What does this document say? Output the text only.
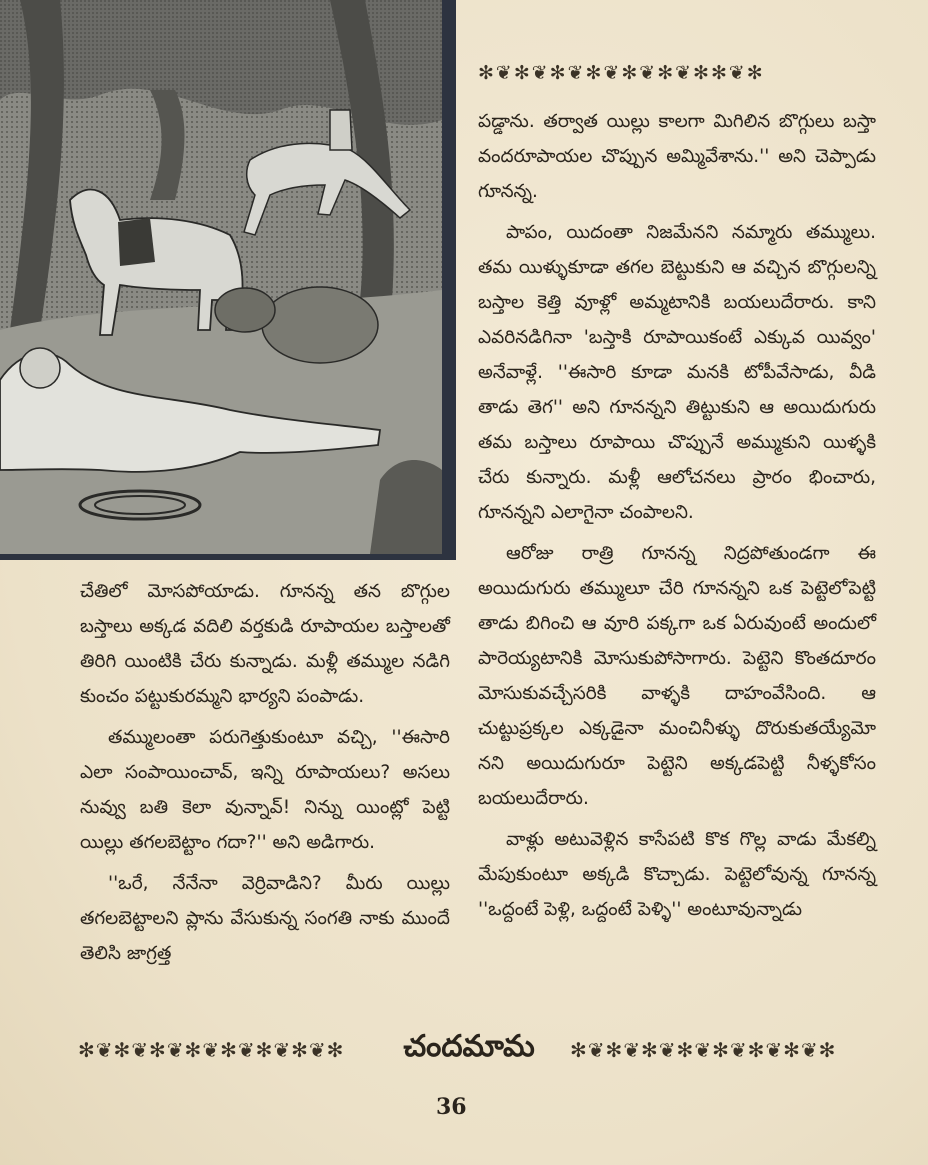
✻❦✻❦✻❦✻❦✻❦✻❦✻✻❦✻

పడ్డాను. తర్వాత యిల్లు కాలగా మిగిలిన బొగ్గులు బస్తా వందరూపాయల చొప్పున అమ్మివేశాను.'' అని చెప్పాడు గూనన్న.

పాపం, యిదంతా నిజమేనని నమ్మారు తమ్ములు. తమ యిళ్ళుకూడా తగల బెట్టుకుని ఆ వచ్చిన బొగ్గులన్ని బస్తాల కెత్తి వూళ్లో అమ్మటానికి బయలుదేరారు. కాని ఎవరినడిగినా 'బస్తాకి రూపాయికంటే ఎక్కువ యివ్వం' అనేవాళ్లే. ''ఈసారి కూడా మనకి టోపీవేసాడు, వీడి తాడు తెగ'' అని గూనన్నని తిట్టుకుని ఆ అయిదుగురు తమ బస్తాలు రూపాయి చొప్పునే అమ్ముకుని యిళ్ళకి చేరు కున్నారు. మళ్లీ ఆలోచనలు ప్రారం భించారు, గూనన్నని ఎలాగైనా చంపాలని.

ఆరోజు రాత్రి గూనన్న నిద్రపోతుండగా ఈ అయిదుగురు తమ్ములూ చేరి గూనన్నని ఒక పెట్టెలోపెట్టి తాడు బిగించి ఆ వూరి పక్కగా ఒక ఏరువుంటే అందులో పారెయ్యటానికి మోసుకుపోసాగారు. పెట్టెని కొంతదూరం మోసుకువచ్చేసరికి వాళ్ళకి దాహంవేసింది. ఆ చుట్టుప్రక్కల ఎక్కడైనా మంచినీళ్ళు దొరుకుతయ్యేమో నని అయిదుగురూ పెట్టెని అక్కడపెట్టి నీళ్ళకోసం బయలుదేరారు.

వాళ్లు అటువెళ్లిన కాసేపటి కొక గొల్ల వాడు మేకల్ని మేపుకుంటూ అక్కడి కొచ్చాడు. పెట్టెలోవున్న గూనన్న ''ఒద్దంటే పెళ్లి, ఒద్దంటే పెళ్ళి'' అంటూవున్నాడు

చేతిలో మోసపోయాడు. గూనన్న తన బొగ్గుల బస్తాలు అక్కడ వదిలి వర్తకుడి రూపాయల బస్తాలతో తిరిగి యింటికి చేరు కున్నాడు. మళ్లీ తమ్ముల నడిగి కుంచం పట్టుకురమ్మని భార్యని పంపాడు.

తమ్ములంతా పరుగెత్తుకుంటూ వచ్చి, ''ఈసారి ఎలా సంపాయించావ్, ఇన్ని రూపాయలు? అసలు నువ్వు బతి కెలా వున్నావ్! నిన్ను యింట్లో పెట్టి యిల్లు తగలబెట్టాం గదా?'' అని అడిగారు.

''ఒరే, నేనేనా వెర్రివాడిని? మీరు యిల్లు తగలబెట్టాలని ప్లాను వేసుకున్న సంగతి నాకు ముందే తెలిసి జాగ్రత్త

✻❦✻❦✻❦✻❦✻❦✻❦✻❦✻	చందమామ ✻❦✻❦✻❦✻❦✻❦✻❦✻❦✻
36
